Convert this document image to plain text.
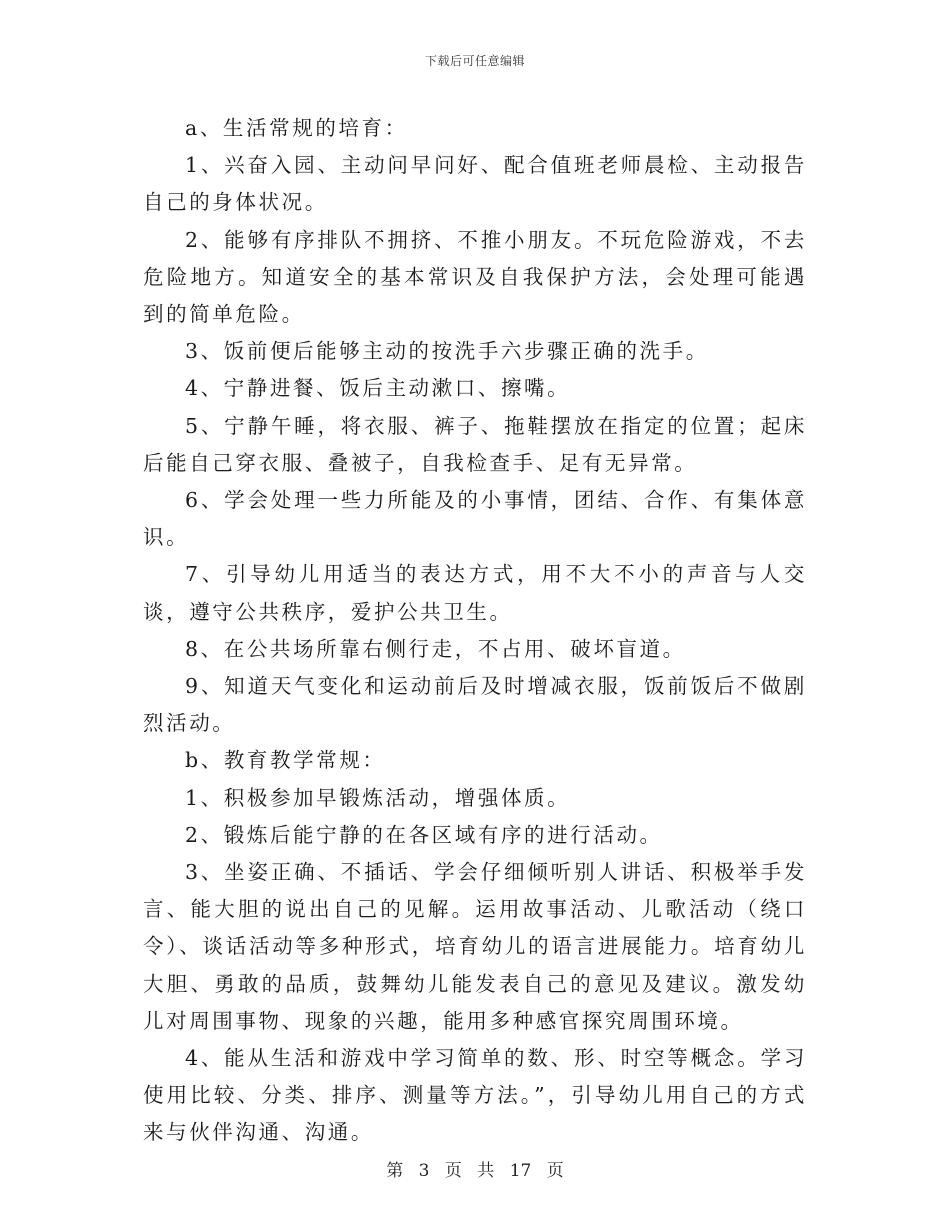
下载后可任意编辑

a、生活常规的培育：

1、兴奋入园、主动问早问好、配合值班老师晨检、主动报告自己的身体状况。

2、能够有序排队不拥挤、不推小朋友。不玩危险游戏，不去危险地方。知道安全的基本常识及自我保护方法，会处理可能遇到的简单危险。

3、饭前便后能够主动的按洗手六步骤正确的洗手。

4、宁静进餐、饭后主动漱口、擦嘴。

5、宁静午睡，将衣服、裤子、拖鞋摆放在指定的位置；起床后能自己穿衣服、叠被子，自我检查手、足有无异常。

6、学会处理一些力所能及的小事情，团结、合作、有集体意识。

7、引导幼儿用适当的表达方式，用不大不小的声音与人交谈，遵守公共秩序，爱护公共卫生。

8、在公共场所靠右侧行走，不占用、破坏盲道。

9、知道天气变化和运动前后及时增减衣服，饭前饭后不做剧烈活动。

b、教育教学常规：

1、积极参加早锻炼活动，增强体质。

2、锻炼后能宁静的在各区域有序的进行活动。

3、坐姿正确、不插话、学会仔细倾听别人讲话、积极举手发言、能大胆的说出自己的见解。运用故事活动、儿歌活动（绕口令）、谈话活动等多种形式，培育幼儿的语言进展能力。培育幼儿大胆、勇敢的品质，鼓舞幼儿能发表自己的意见及建议。激发幼儿对周围事物、现象的兴趣，能用多种感官探究周围环境。

4、能从生活和游戏中学习简单的数、形、时空等概念。学习使用比较、分类、排序、测量等方法。”，引导幼儿用自己的方式来与伙伴沟通、沟通。

第 3 页 共 17 页
